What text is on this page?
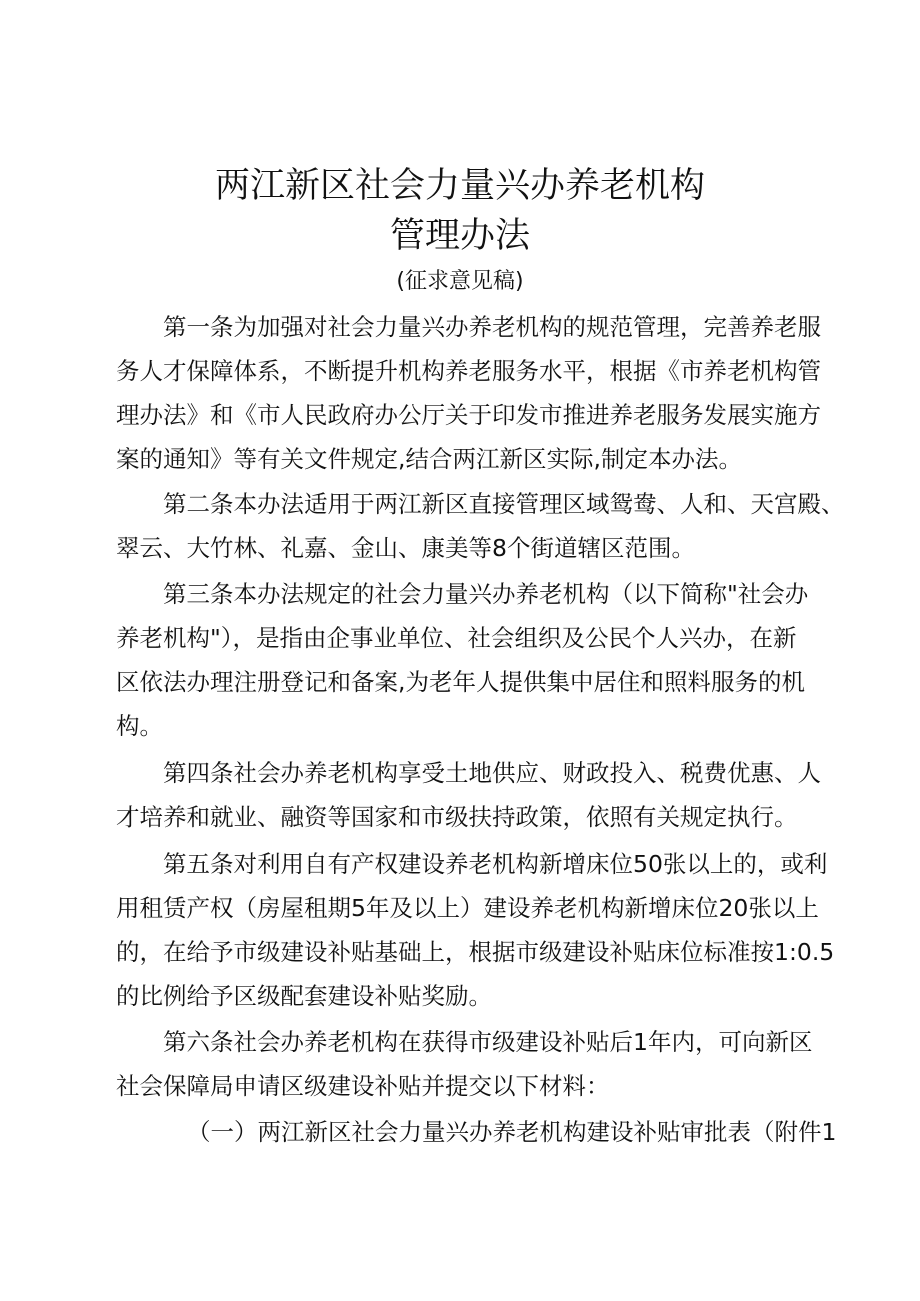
两江新区社会力量兴办养老机构
管理办法

(征求意见稿)

第一条为加强对社会力量兴办养老机构的规范管理，完善养老服

务人才保障体系，不断提升机构养老服务水平，根据《市养老机构管

理办法》和《市人民政府办公厅关于印发市推进养老服务发展实施方

案的通知》等有关文件规定,结合两江新区实际,制定本办法。

第二条本办法适用于两江新区直接管理区域鸳鸯、人和、天宫殿、

翠云、大竹林、礼嘉、金山、康美等8个街道辖区范围。

第三条本办法规定的社会力量兴办养老机构（以下简称"社会办

养老机构"），是指由企事业单位、社会组织及公民个人兴办，在新

区依法办理注册登记和备案,为老年人提供集中居住和照料服务的机

构。

第四条社会办养老机构享受土地供应、财政投入、税费优惠、人

才培养和就业、融资等国家和市级扶持政策，依照有关规定执行。

第五条对利用自有产权建设养老机构新增床位50张以上的，或利

用租赁产权（房屋租期5年及以上）建设养老机构新增床位20张以上

的，在给予市级建设补贴基础上，根据市级建设补贴床位标准按1:0.5

的比例给予区级配套建设补贴奖励。

第六条社会办养老机构在获得市级建设补贴后1年内，可向新区

社会保障局申请区级建设补贴并提交以下材料：

（一）两江新区社会力量兴办养老机构建设补贴审批表（附件1
